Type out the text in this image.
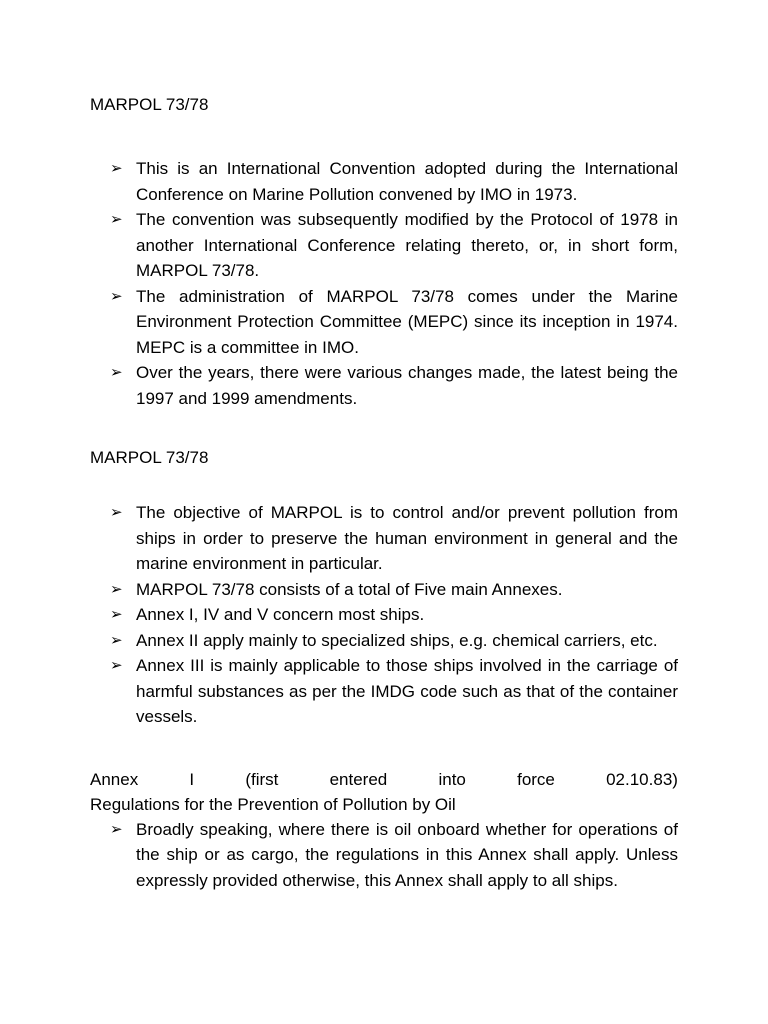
MARPOL 73/78

➢ This is an International Convention adopted during the International Conference on Marine Pollution convened by IMO in 1973.
➢ The convention was subsequently modified by the Protocol of 1978 in another International Conference relating thereto, or, in short form, MARPOL 73/78.
➢ The administration of MARPOL 73/78 comes under the Marine Environment Protection Committee (MEPC) since its inception in 1974. MEPC is a committee in IMO.
➢ Over the years, there were various changes made, the latest being the 1997 and 1999 amendments.

MARPOL 73/78

➢ The objective of MARPOL is to control and/or prevent pollution from ships in order to preserve the human environment in general and the marine environment in particular.
➢ MARPOL 73/78 consists of a total of Five main Annexes.
➢ Annex I, IV and V concern most ships.
➢ Annex II apply mainly to specialized ships, e.g. chemical carriers, etc.
➢ Annex III is mainly applicable to those ships involved in the carriage of harmful substances as per the IMDG code such as that of the container vessels.
Annex	I	(first	entered	into	force	02.10.83)

Regulations for the Prevention of Pollution by Oil

➢ Broadly speaking, where there is oil onboard whether for operations of the ship or as cargo, the regulations in this Annex shall apply. Unless expressly provided otherwise, this Annex shall apply to all ships.
